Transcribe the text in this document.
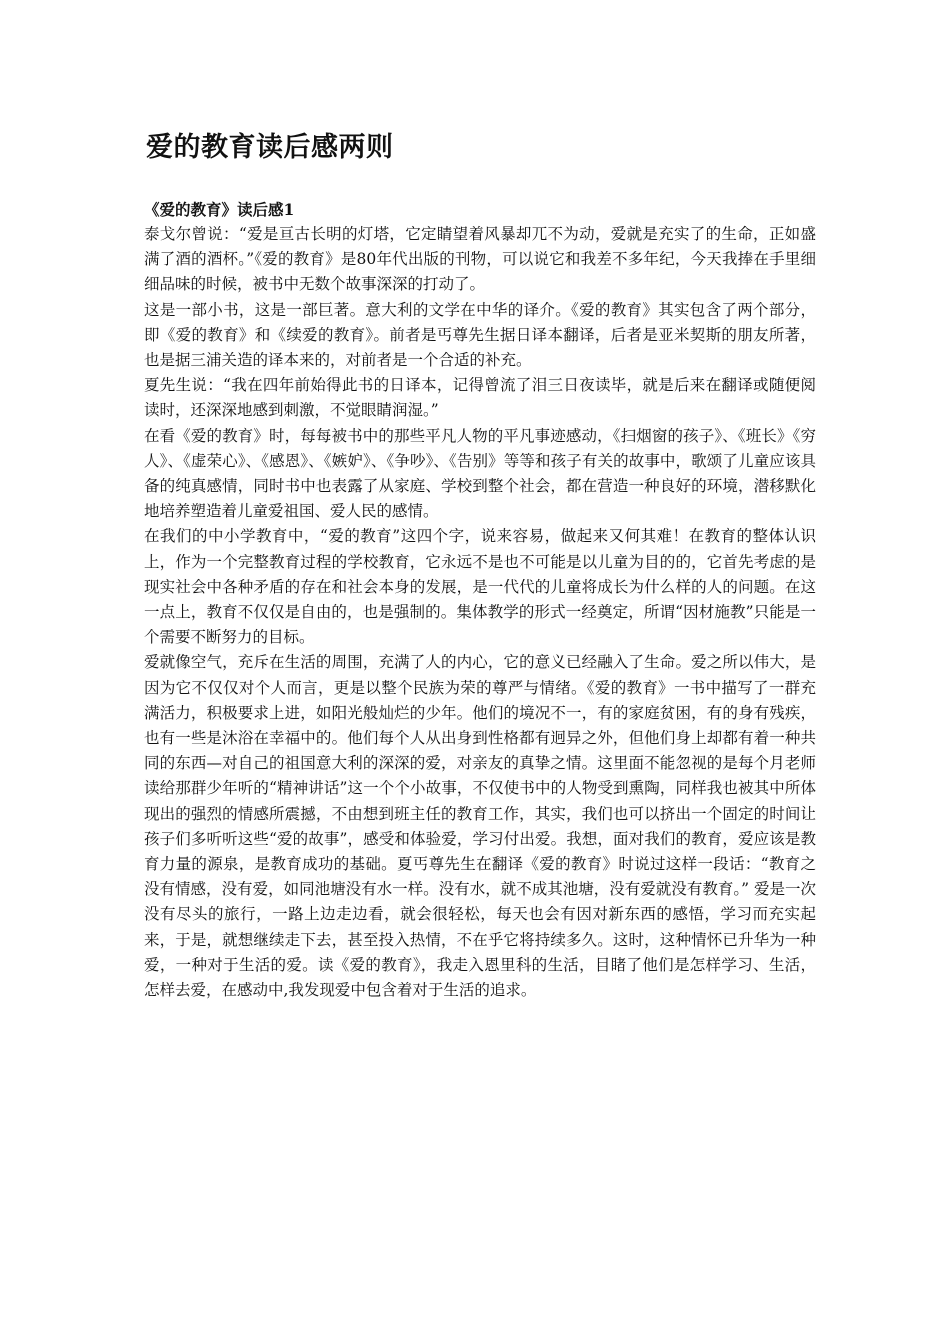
爱的教育读后感两则

《爱的教育》读后感1

泰戈尔曾说：“爱是亘古长明的灯塔，它定睛望着风暴却兀不为动，爱就是充实了的生命，正如盛满了酒的酒杯。”《爱的教育》是80年代出版的刊物，可以说它和我差不多年纪，今天我捧在手里细细品味的时候，被书中无数个故事深深的打动了。

这是一部小书，这是一部巨著。意大利的文学在中华的译介。《爱的教育》其实包含了两个部分，即《爱的教育》和《续爱的教育》。前者是丐尊先生据日译本翻译，后者是亚米契斯的朋友所著，也是据三浦关造的译本来的，对前者是一个合适的补充。

夏先生说：“我在四年前始得此书的日译本，记得曾流了泪三日夜读毕，就是后来在翻译或随便阅读时，还深深地感到刺激，不觉眼睛润湿。”

在看《爱的教育》时，每每被书中的那些平凡人物的平凡事迹感动，《扫烟窗的孩子》、《班长》《穷人》、《虚荣心》、《感恩》、《嫉妒》、《争吵》、《告别》等等和孩子有关的故事中，歌颂了儿童应该具备的纯真感情，同时书中也表露了从家庭、学校到整个社会，都在营造一种良好的环境，潜移默化地培养塑造着儿童爱祖国、爱人民的感情。

在我们的中小学教育中，“爱的教育”这四个字，说来容易，做起来又何其难！在教育的整体认识上，作为一个完整教育过程的学校教育，它永远不是也不可能是以儿童为目的的，它首先考虑的是现实社会中各种矛盾的存在和社会本身的发展，是一代代的儿童将成长为什么样的人的问题。在这一点上，教育不仅仅是自由的，也是强制的。集体教学的形式一经奠定，所谓“因材施教”只能是一个需要不断努力的目标。

爱就像空气，充斥在生活的周围，充满了人的内心，它的意义已经融入了生命。爱之所以伟大，是因为它不仅仅对个人而言，更是以整个民族为荣的尊严与情绪。《爱的教育》一书中描写了一群充满活力，积极要求上进，如阳光般灿烂的少年。他们的境况不一，有的家庭贫困，有的身有残疾，也有一些是沐浴在幸福中的。他们每个人从出身到性格都有迥异之外，但他们身上却都有着一种共同的东西—对自己的祖国意大利的深深的爱，对亲友的真挚之情。这里面不能忽视的是每个月老师读给那群少年听的“精神讲话”这一个个小故事，不仅使书中的人物受到熏陶，同样我也被其中所体现出的强烈的情感所震撼，不由想到班主任的教育工作，其实，我们也可以挤出一个固定的时间让孩子们多听听这些“爱的故事”，感受和体验爱，学习付出爱。我想，面对我们的教育，爱应该是教育力量的源泉，是教育成功的基础。夏丐尊先生在翻译《爱的教育》时说过这样一段话：“教育之没有情感，没有爱，如同池塘没有水一样。没有水，就不成其池塘，没有爱就没有教育。” 爱是一次没有尽头的旅行，一路上边走边看，就会很轻松，每天也会有因对新东西的感悟，学习而充实起来，于是，就想继续走下去，甚至投入热情，不在乎它将持续多久。这时，这种情怀已升华为一种爱，一种对于生活的爱。读《爱的教育》，我走入恩里科的生活，目睹了他们是怎样学习、生活，怎样去爱，在感动中,我发现爱中包含着对于生活的追求。
